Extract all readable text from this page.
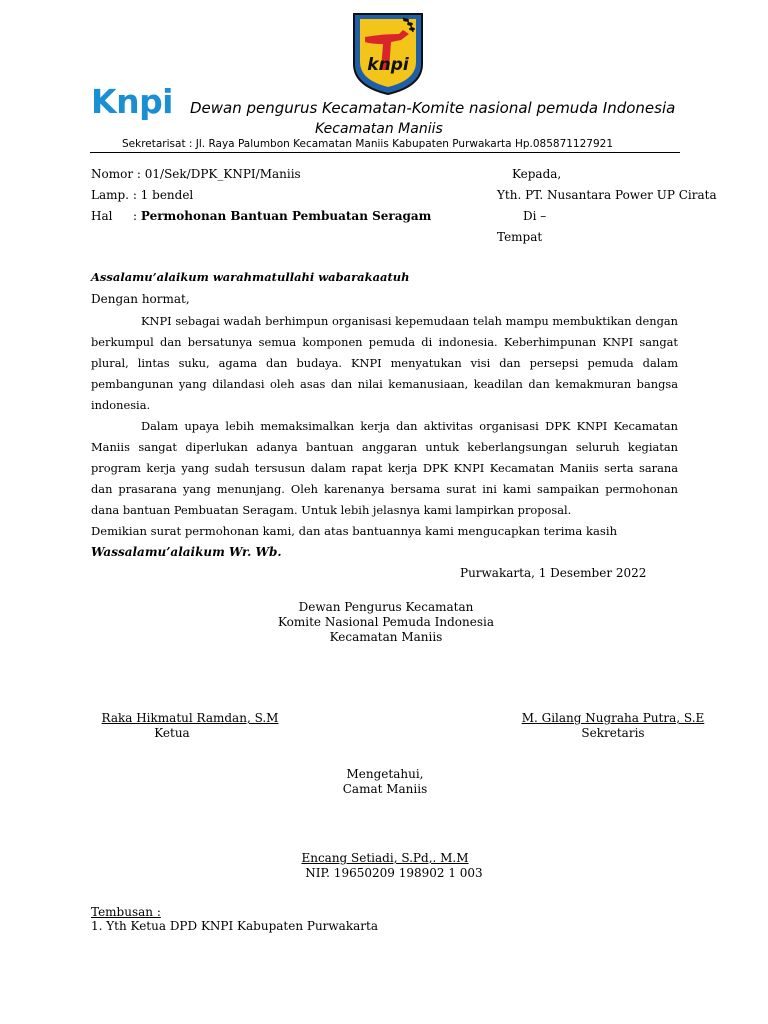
knpi
Knpi Dewan pengurus Kecamatan-Komite nasional pemuda Indonesia
Kecamatan Maniis
Sekretarisat : Jl. Raya Palumbon Kecamatan Maniis Kabupaten Purwakarta Hp.085871127921
Nomor : 01/Sek/DPK_KNPI/Maniis
Lamp. : 1 bendel
Hal : Permohonan Bantuan Pembuatan Seragam
Kepada,
Yth. PT. Nusantara Power UP Cirata
Di –
Tempat
Assalamu’alaikum warahmatullahi wabarakaatuh
Dengan hormat,

KNPI sebagai wadah berhimpun organisasi kepemudaan telah mampu membuktikan dengan berkumpul dan bersatunya semua komponen pemuda di indonesia. Keberhimpunan KNPI sangat plural, lintas suku, agama dan budaya. KNPI menyatukan visi dan persepsi pemuda dalam pembangunan yang dilandasi oleh asas dan nilai kemanusiaan, keadilan dan kemakmuran bangsa indonesia.

Dalam upaya lebih memaksimalkan kerja dan aktivitas organisasi DPK KNPI Kecamatan Maniis sangat diperlukan adanya bantuan anggaran untuk keberlangsungan seluruh kegiatan program kerja yang sudah tersusun dalam rapat kerja DPK KNPI Kecamatan Maniis serta sarana dan prasarana yang menunjang. Oleh karenanya bersama surat ini kami sampaikan permohonan dana bantuan Pembuatan Seragam. Untuk lebih jelasnya kami lampirkan proposal.

Demikian surat permohonan kami, dan atas bantuannya kami mengucapkan terima kasih
Wassalamu’alaikum Wr. Wb.
Purwakarta, 1 Desember 2022
Dewan Pengurus Kecamatan
Komite Nasional Pemuda Indonesia
Kecamatan Maniis
Raka Hikmatul Ramdan, S.M
Ketua
M. Gilang Nugraha Putra, S.E
Sekretaris
Mengetahui,
Camat Maniis
Encang Setiadi, S.Pd,. M.M
NIP. 19650209 198902 1 003
Tembusan :
1. Yth Ketua DPD KNPI Kabupaten Purwakarta
